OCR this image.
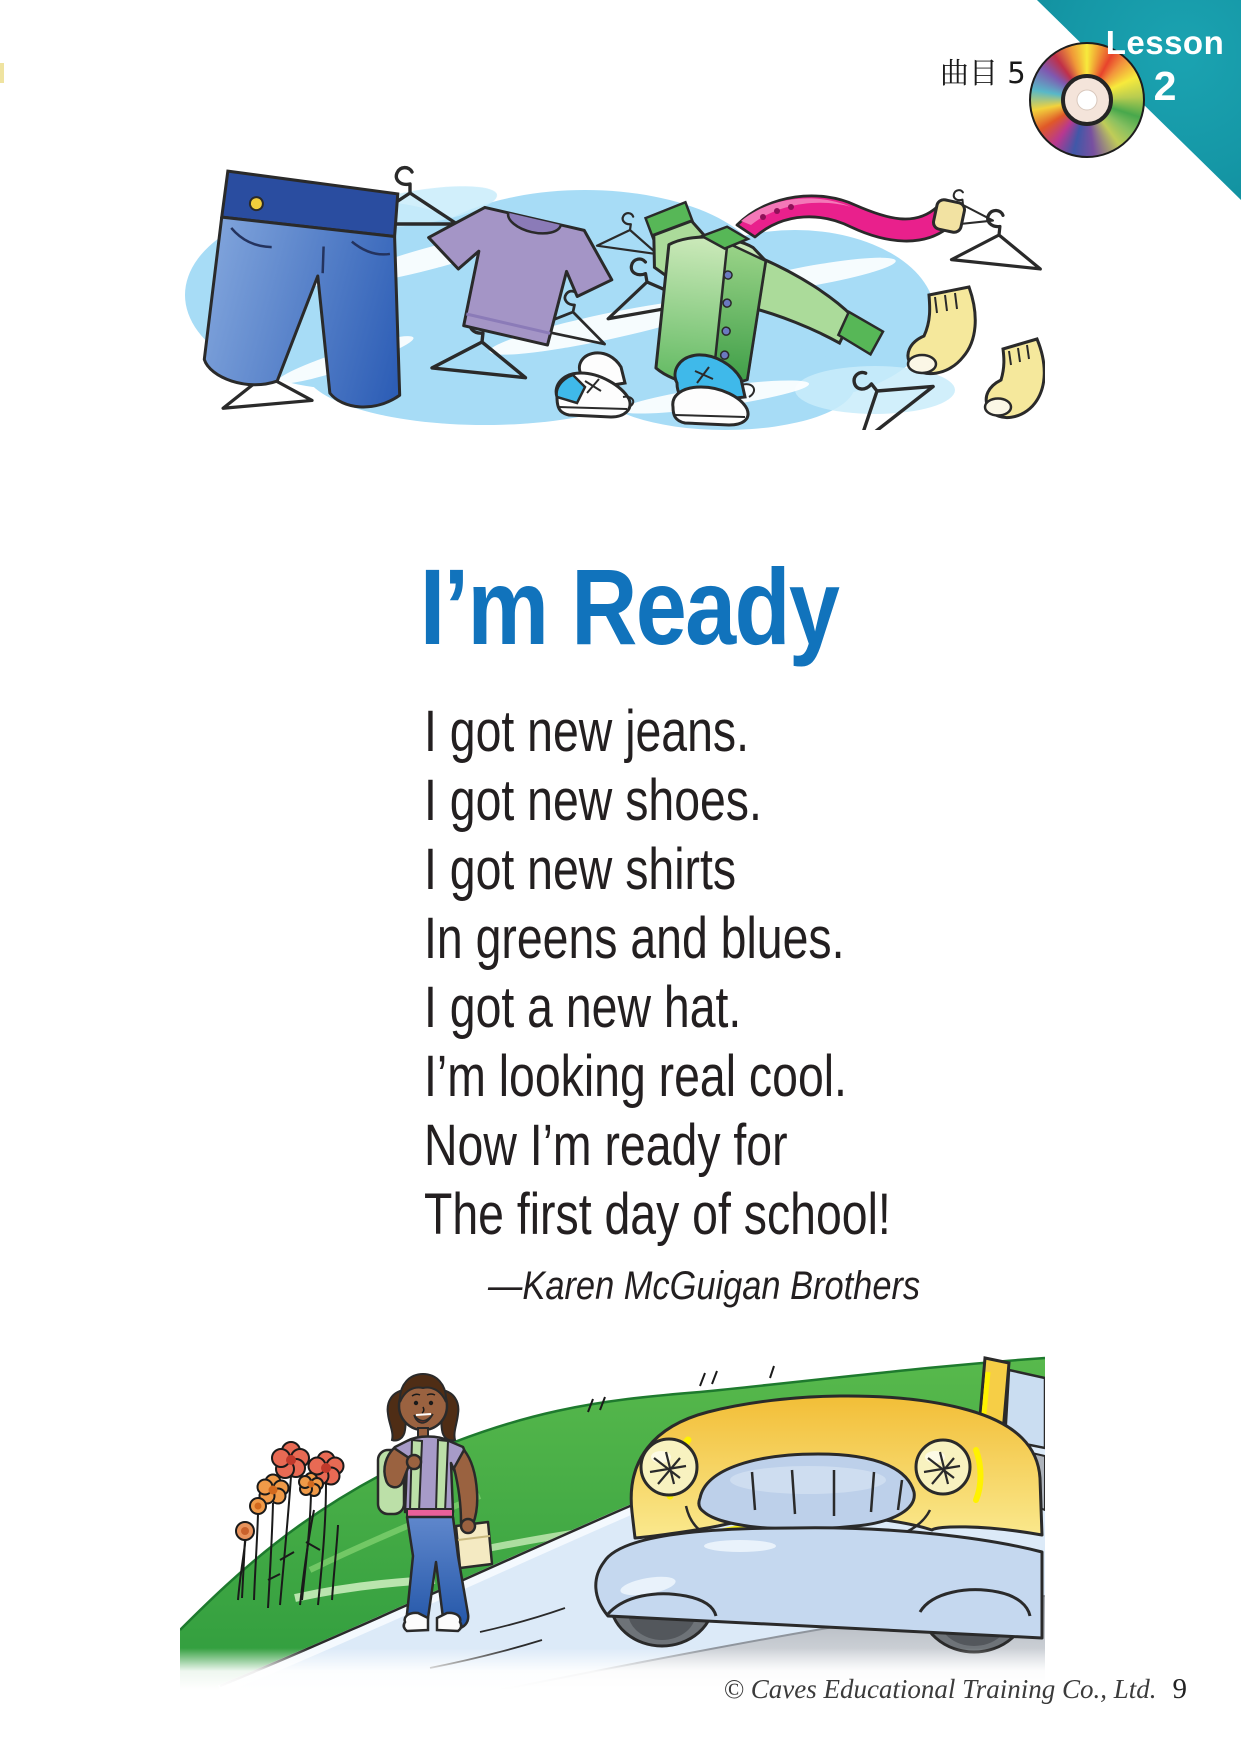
Lesson
2
曲目 5
I’m Ready
I got new jeans.
I got new shoes.
I got new shirts
In greens and blues.
I got a new hat.
I’m looking real cool.
Now I’m ready for
The first day of school!
—Karen McGuigan Brothers
© Caves Educational Training Co., Ltd. 9
